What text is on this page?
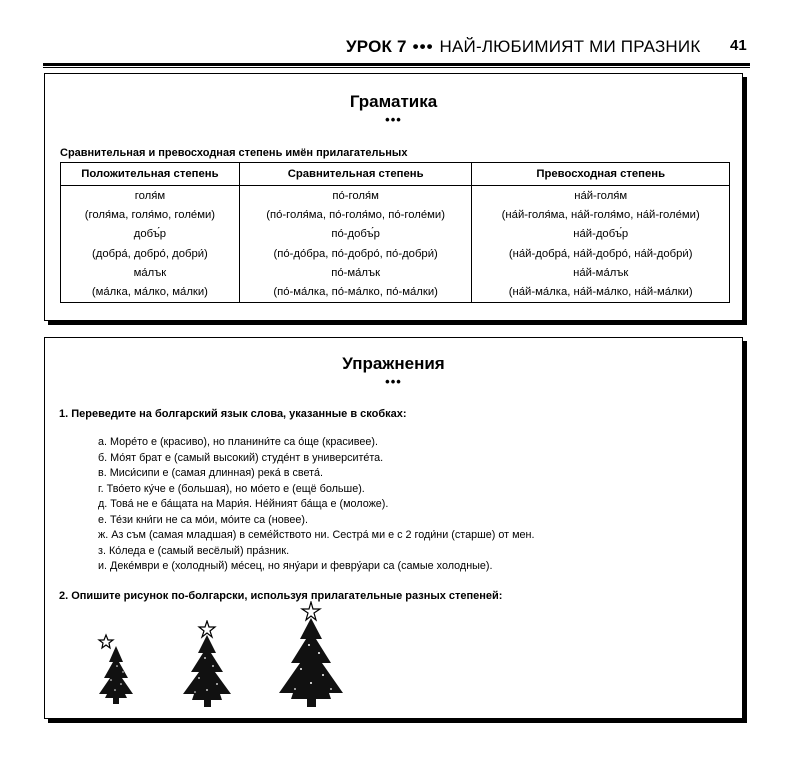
УРОК 7 ••• НАЙ-ЛЮБИМИЯТ МИ ПРАЗНИК 41
Граматика
•••
Сравнительная и превосходная степень имён прилагательных
Положительная степень	Сравнительная степень	Превосходная степень
голя́м	по́-голя́м	на́й-голя́м
(голя́ма, голя́мо, голе́ми)	(по́-голя́ма, по́-голя́мо, по́-голе́ми)	(на́й-голя́ма, на́й-голя́мо, на́й-голе́ми)
добъ́р	по́-добъ́р	на́й-добъ́р
(добра́, добро́, добри́)	(по́-до́бра, по́-добро́, по́-добри́)	(на́й-добра́, на́й-добро́, на́й-добри́)
ма́лък	по́-ма́лък	на́й-ма́лък
(ма́лка, ма́лко, ма́лки)	(по́-ма́лка, по́-ма́лко, по́-ма́лки)	(на́й-ма́лка, на́й-ма́лко, на́й-ма́лки)
Упражнения
•••
1. Переведите на болгарский язык слова, указанные в скобках:
а. Море́то е (красиво), но планини́те са о́ще (красивее).
б. Мо́ят брат е (самый высокий) студе́нт в университе́та.
в. Миси́сипи е (самая длинная) река́ в света́.
г. Тво́ето ку́че е (большая), но мо́ето е (ещё больше).
д. Това́ не е ба́щата на Мари́я. Не́йният ба́ща е (моложе).
е. Те́зи кни́ги не са мо́и, мо́ите са (новее).
ж. Аз съм (самая младшая) в семе́йството ни. Сестра́ ми е с 2 годи́ни (старше) от мен.
з. Ко́леда е (самый весёлый) пра́зник.
и. Деке́мври е (холодный) ме́сец, но яну́ари и февру́ари са (самые холодные).
2. Опишите рисунок по-болгарски, используя прилагательные разных степеней:
